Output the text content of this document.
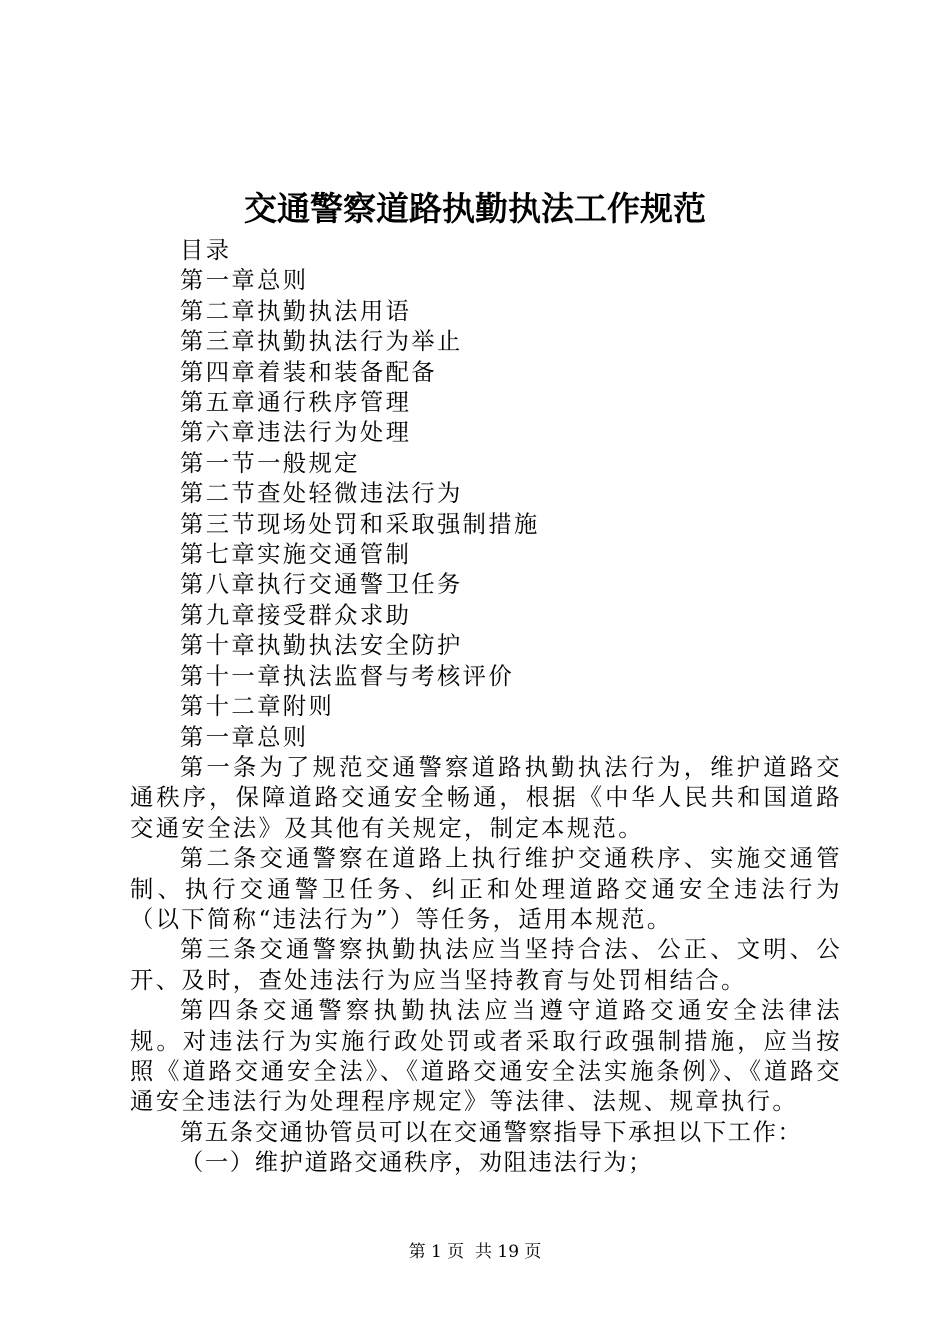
交通警察道路执勤执法工作规范
目录
第一章总则
第二章执勤执法用语
第三章执勤执法行为举止
第四章着装和装备配备
第五章通行秩序管理
第六章违法行为处理
第一节一般规定
第二节查处轻微违法行为
第三节现场处罚和采取强制措施
第七章实施交通管制
第八章执行交通警卫任务
第九章接受群众求助
第十章执勤执法安全防护
第十一章执法监督与考核评价
第十二章附则
第一章总则

第一条为了规范交通警察道路执勤执法行为，维护道路交通秩序，保障道路交通安全畅通，根据《中华人民共和国道路交通安全法》及其他有关规定，制定本规范。

第二条交通警察在道路上执行维护交通秩序、实施交通管制、执行交通警卫任务、纠正和处理道路交通安全违法行为（以下简称“违法行为”）等任务，适用本规范。

第三条交通警察执勤执法应当坚持合法、公正、文明、公开、及时，查处违法行为应当坚持教育与处罚相结合。

第四条交通警察执勤执法应当遵守道路交通安全法律法规。对违法行为实施行政处罚或者采取行政强制措施，应当按照《道路交通安全法》、《道路交通安全法实施条例》、《道路交通安全违法行为处理程序规定》等法律、法规、规章执行。

第五条交通协管员可以在交通警察指导下承担以下工作：

（一）维护道路交通秩序，劝阻违法行为；

第 1 页  共 19 页
